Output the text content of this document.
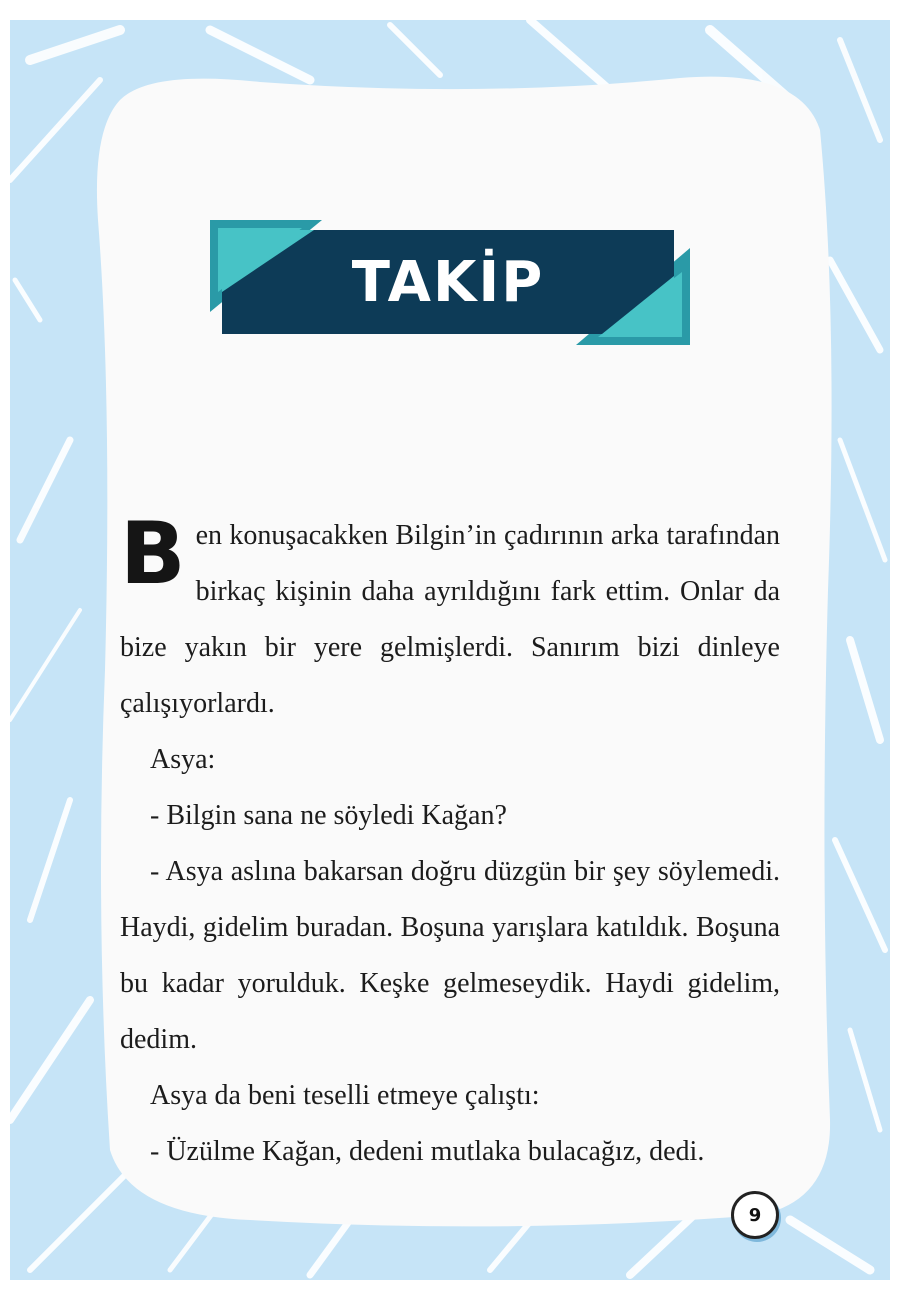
TAKİP

Ben konuşacakken Bilgin’in çadırının arka tarafından birkaç kişinin daha ayrıldığını fark ettim. Onlar da bize yakın bir yere gelmişlerdi. Sanırım bizi dinleye çalışıyorlardı.

Asya:

- Bilgin sana ne söyledi Kağan?

- Asya aslına bakarsan doğru düzgün bir şey söylemedi. Haydi, gidelim buradan. Boşuna yarışlara katıldık. Boşuna bu kadar yorulduk. Keşke gelmeseydik. Haydi gidelim, dedim.

Asya da beni teselli etmeye çalıştı:

- Üzülme Kağan, dedeni mutlaka bulacağız, dedi.

9
